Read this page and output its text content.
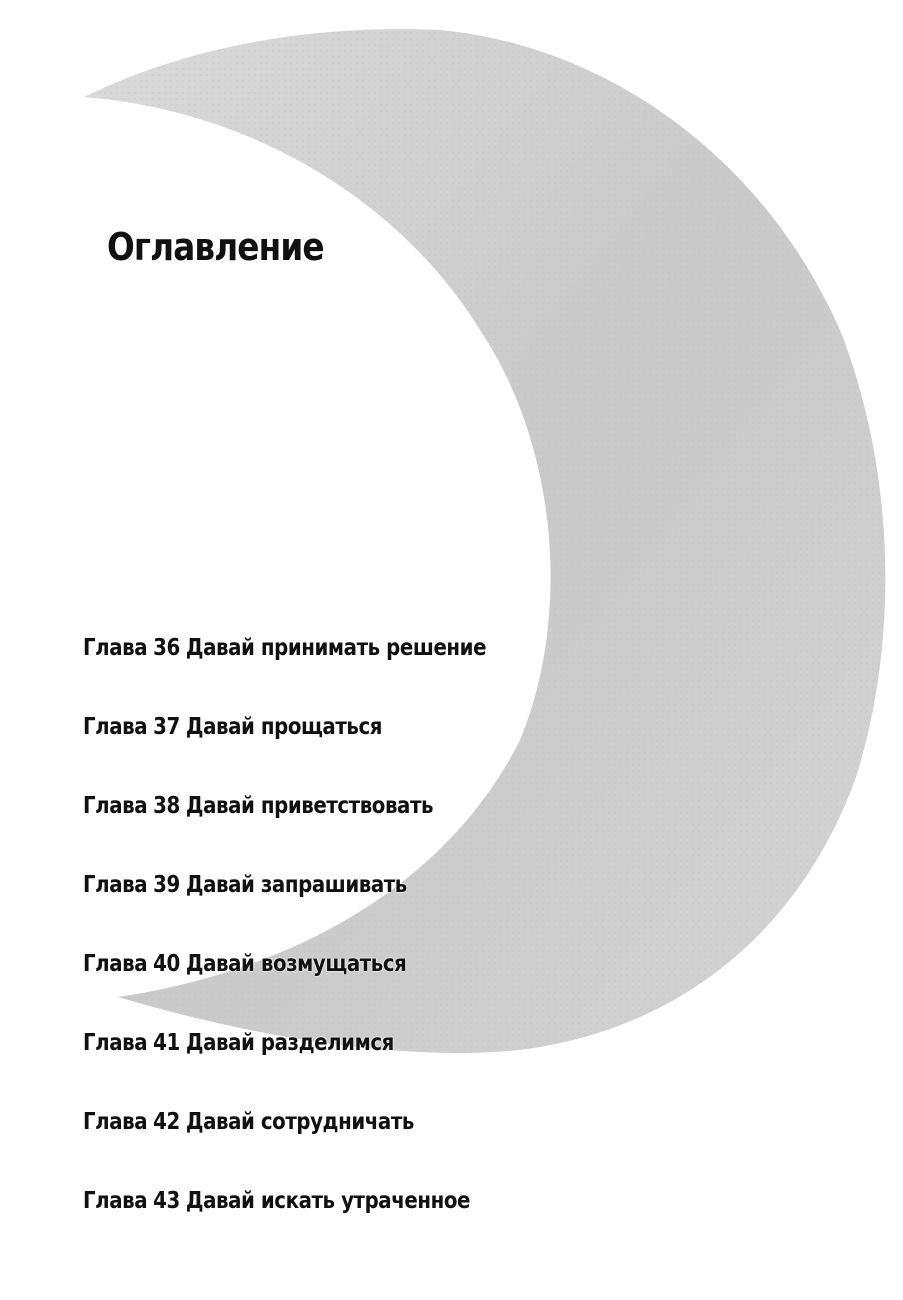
Оглавление
Глава 36 Давай принимать решение
Глава 37 Давай прощаться
Глава 38 Давай приветствовать
Глава 39 Давай запрашивать
Глава 40 Давай возмущаться
Глава 41 Давай разделимся
Глава 42 Давай сотрудничать
Глава 43 Давай искать утраченное
